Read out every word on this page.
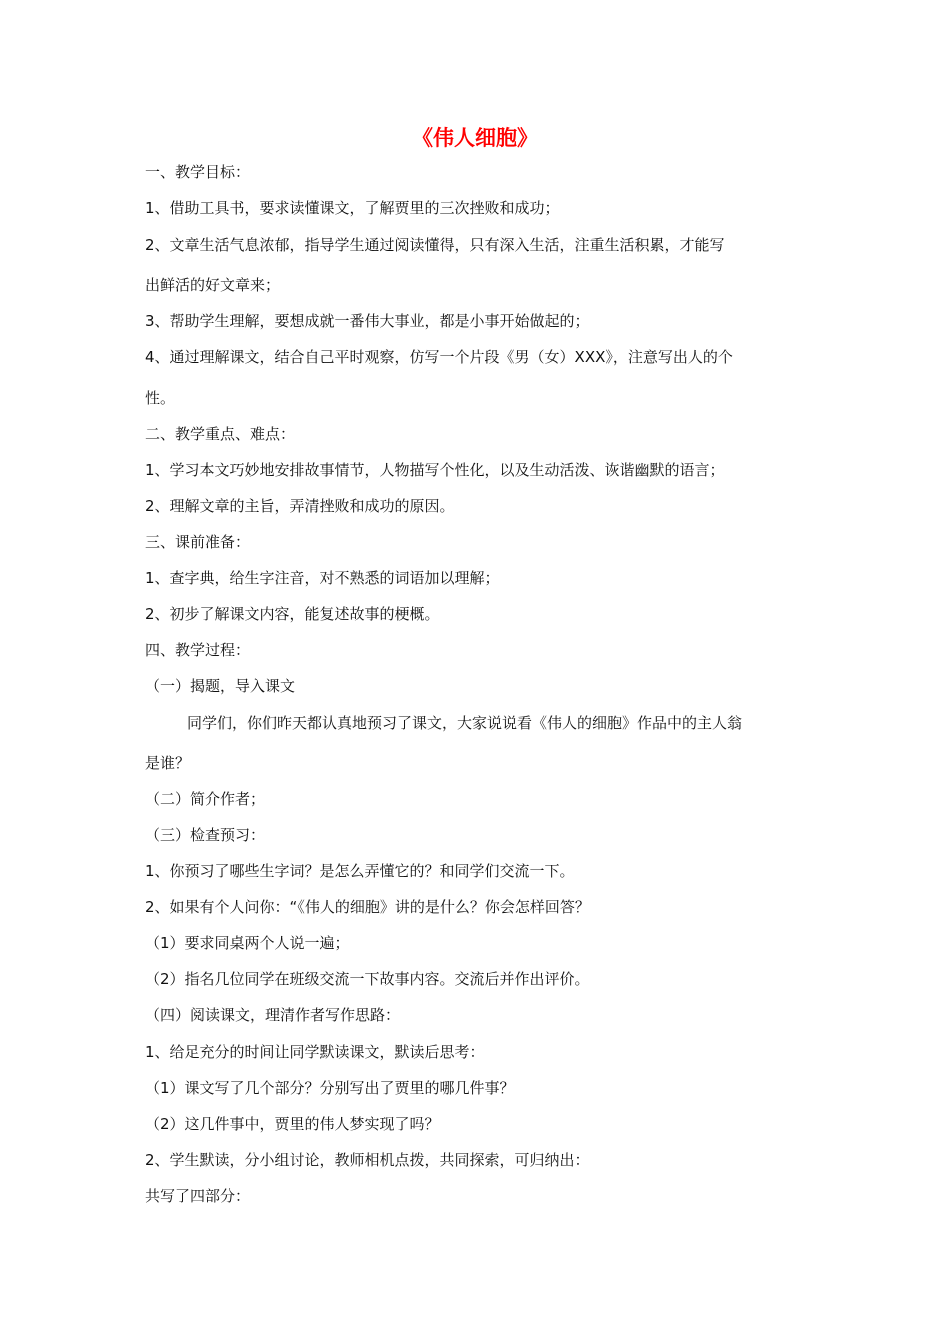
《伟人细胞》
一、教学目标：
1、借助工具书，要求读懂课文，了解贾里的三次挫败和成功；
2、文章生活气息浓郁，指导学生通过阅读懂得，只有深入生活，注重生活积累，才能写
出鲜活的好文章来；
3、帮助学生理解，要想成就一番伟大事业，都是小事开始做起的；
4、通过理解课文，结合自己平时观察，仿写一个片段《男（女）XXX》，注意写出人的个
性。
二、教学重点、难点：
1、学习本文巧妙地安排故事情节，人物描写个性化，以及生动活泼、诙谐幽默的语言；
2、理解文章的主旨，弄清挫败和成功的原因。
三、课前准备：
1、查字典，给生字注音，对不熟悉的词语加以理解；
2、初步了解课文内容，能复述故事的梗概。
四、教学过程：
（一）揭题，导入课文
同学们，你们昨天都认真地预习了课文，大家说说看《伟人的细胞》作品中的主人翁
是谁？
（二）简介作者；
（三）检查预习：
1、你预习了哪些生字词？是怎么弄懂它的？和同学们交流一下。
2、如果有个人问你：“《伟人的细胞》讲的是什么？你会怎样回答？
（1）要求同桌两个人说一遍；
（2）指名几位同学在班级交流一下故事内容。交流后并作出评价。
（四）阅读课文，理清作者写作思路：
1、给足充分的时间让同学默读课文，默读后思考：
（1）课文写了几个部分？分别写出了贾里的哪几件事？
（2）这几件事中，贾里的伟人梦实现了吗？
2、学生默读，分小组讨论，教师相机点拨，共同探索，可归纳出：
共写了四部分：
